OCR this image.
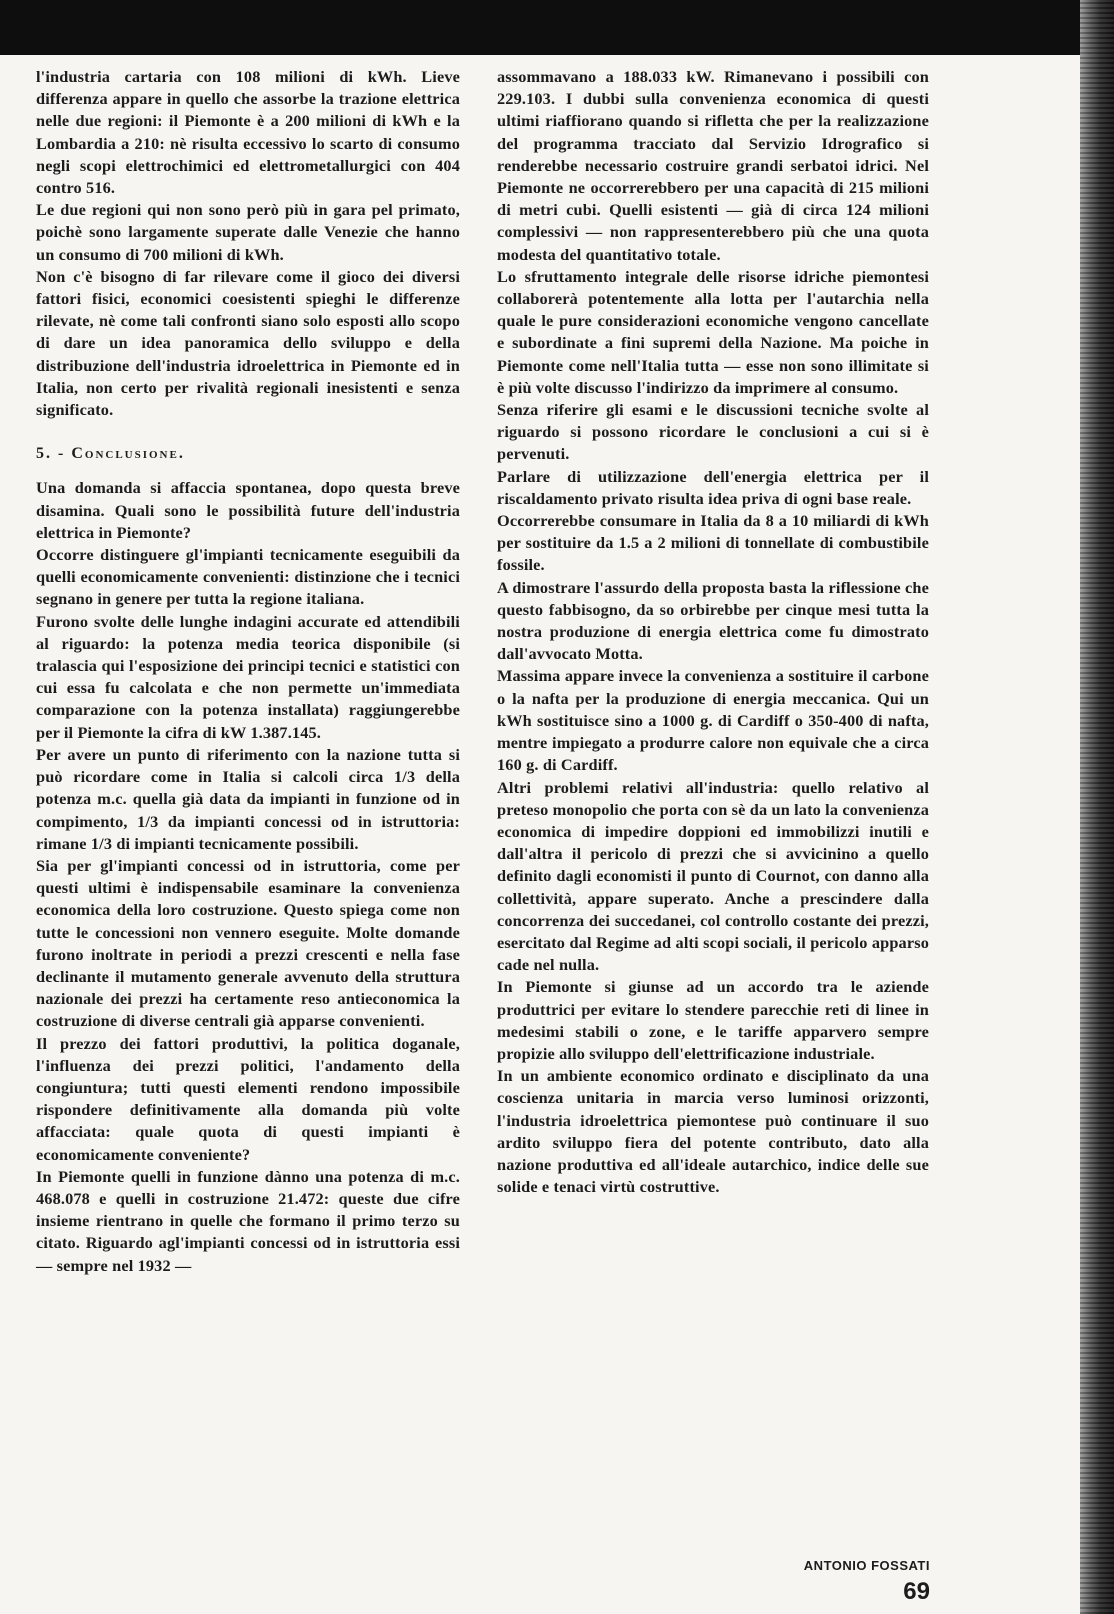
l'industria cartaria con 108 milioni di kWh. Lieve differenza appare in quello che assorbe la trazione elettrica nelle due regioni: il Piemonte è a 200 milioni di kWh e la Lombardia a 210: nè risulta eccessivo lo scarto di consumo negli scopi elettrochimici ed elettrometallurgici con 404 contro 516.

Le due regioni qui non sono però più in gara pel primato, poichè sono largamente superate dalle Venezie che hanno un consumo di 700 milioni di kWh.

Non c'è bisogno di far rilevare come il gioco dei diversi fattori fisici, economici coesistenti spieghi le differenze rilevate, nè come tali confronti siano solo esposti allo scopo di dare un idea panoramica dello sviluppo e della distribuzione dell'industria idroelettrica in Piemonte ed in Italia, non certo per rivalità regionali inesistenti e senza significato.

5. - Conclusione.

Una domanda si affaccia spontanea, dopo questa breve disamina. Quali sono le possibilità future dell'industria elettrica in Piemonte?

Occorre distinguere gl'impianti tecnicamente eseguibili da quelli economicamente convenienti: distinzione che i tecnici segnano in genere per tutta la regione italiana.

Furono svolte delle lunghe indagini accurate ed attendibili al riguardo: la potenza media teorica disponibile (si tralascia qui l'esposizione dei principi tecnici e statistici con cui essa fu calcolata e che non permette un'immediata comparazione con la potenza installata) raggiungerebbe per il Piemonte la cifra di kW 1.387.145.

Per avere un punto di riferimento con la nazione tutta si può ricordare come in Italia si calcoli circa 1/3 della potenza m.c. quella già data da impianti in funzione od in compimento, 1/3 da impianti concessi od in istruttoria: rimane 1/3 di impianti tecnicamente possibili.

Sia per gl'impianti concessi od in istruttoria, come per questi ultimi è indispensabile esaminare la convenienza economica della loro costruzione. Questo spiega come non tutte le concessioni non vennero eseguite. Molte domande furono inoltrate in periodi a prezzi crescenti e nella fase declinante il mutamento generale avvenuto della struttura nazionale dei prezzi ha certamente reso antieconomica la costruzione di diverse centrali già apparse convenienti.

Il prezzo dei fattori produttivi, la politica doganale, l'influenza dei prezzi politici, l'andamento della congiuntura; tutti questi elementi rendono impossibile rispondere definitivamente alla domanda più volte affacciata: quale quota di questi impianti è economicamente conveniente?

In Piemonte quelli in funzione dànno una potenza di m.c. 468.078 e quelli in costruzione 21.472: queste due cifre insieme rientrano in quelle che formano il primo terzo su citato. Riguardo agl'impianti concessi od in istruttoria essi — sempre nel 1932 —

assommavano a 188.033 kW. Rimanevano i possibili con 229.103. I dubbi sulla convenienza economica di questi ultimi riaffiorano quando si rifletta che per la realizzazione del programma tracciato dal Servizio Idrografico si renderebbe necessario costruire grandi serbatoi idrici. Nel Piemonte ne occorrerebbero per una capacità di 215 milioni di metri cubi. Quelli esistenti — già di circa 124 milioni complessivi — non rappresenterebbero più che una quota modesta del quantitativo totale.

Lo sfruttamento integrale delle risorse idriche piemontesi collaborerà potentemente alla lotta per l'autarchia nella quale le pure considerazioni economiche vengono cancellate e subordinate a fini supremi della Nazione. Ma poiche in Piemonte come nell'Italia tutta — esse non sono illimitate si è più volte discusso l'indirizzo da imprimere al consumo.

Senza riferire gli esami e le discussioni tecniche svolte al riguardo si possono ricordare le conclusioni a cui si è pervenuti.

Parlare di utilizzazione dell'energia elettrica per il riscaldamento privato risulta idea priva di ogni base reale.

Occorrerebbe consumare in Italia da 8 a 10 miliardi di kWh per sostituire da 1.5 a 2 milioni di tonnellate di combustibile fossile.

A dimostrare l'assurdo della proposta basta la riflessione che questo fabbisogno, da so orbirebbe per cinque mesi tutta la nostra produzione di energia elettrica come fu dimostrato dall'avvocato Motta.

Massima appare invece la convenienza a sostituire il carbone o la nafta per la produzione di energia meccanica. Qui un kWh sostituisce sino a 1000 g. di Cardiff o 350-400 di nafta, mentre impiegato a produrre calore non equivale che a circa 160 g. di Cardiff.

Altri problemi relativi all'industria: quello relativo al preteso monopolio che porta con sè da un lato la convenienza economica di impedire doppioni ed immobilizzi inutili e dall'altra il pericolo di prezzi che si avvicinino a quello definito dagli economisti il punto di Cournot, con danno alla collettività, appare superato. Anche a prescindere dalla concorrenza dei succedanei, col controllo costante dei prezzi, esercitato dal Regime ad alti scopi sociali, il pericolo apparso cade nel nulla.

In Piemonte si giunse ad un accordo tra le aziende produttrici per evitare lo stendere parecchie reti di linee in medesimi stabili o zone, e le tariffe apparvero sempre propizie allo sviluppo dell'elettrificazione industriale.

In un ambiente economico ordinato e disciplinato da una coscienza unitaria in marcia verso luminosi orizzonti, l'industria idroelettrica piemontese può continuare il suo ardito sviluppo fiera del potente contributo, dato alla nazione produttiva ed all'ideale autarchico, indice delle sue solide e tenaci virtù costruttive.

ANTONIO FOSSATI
69
